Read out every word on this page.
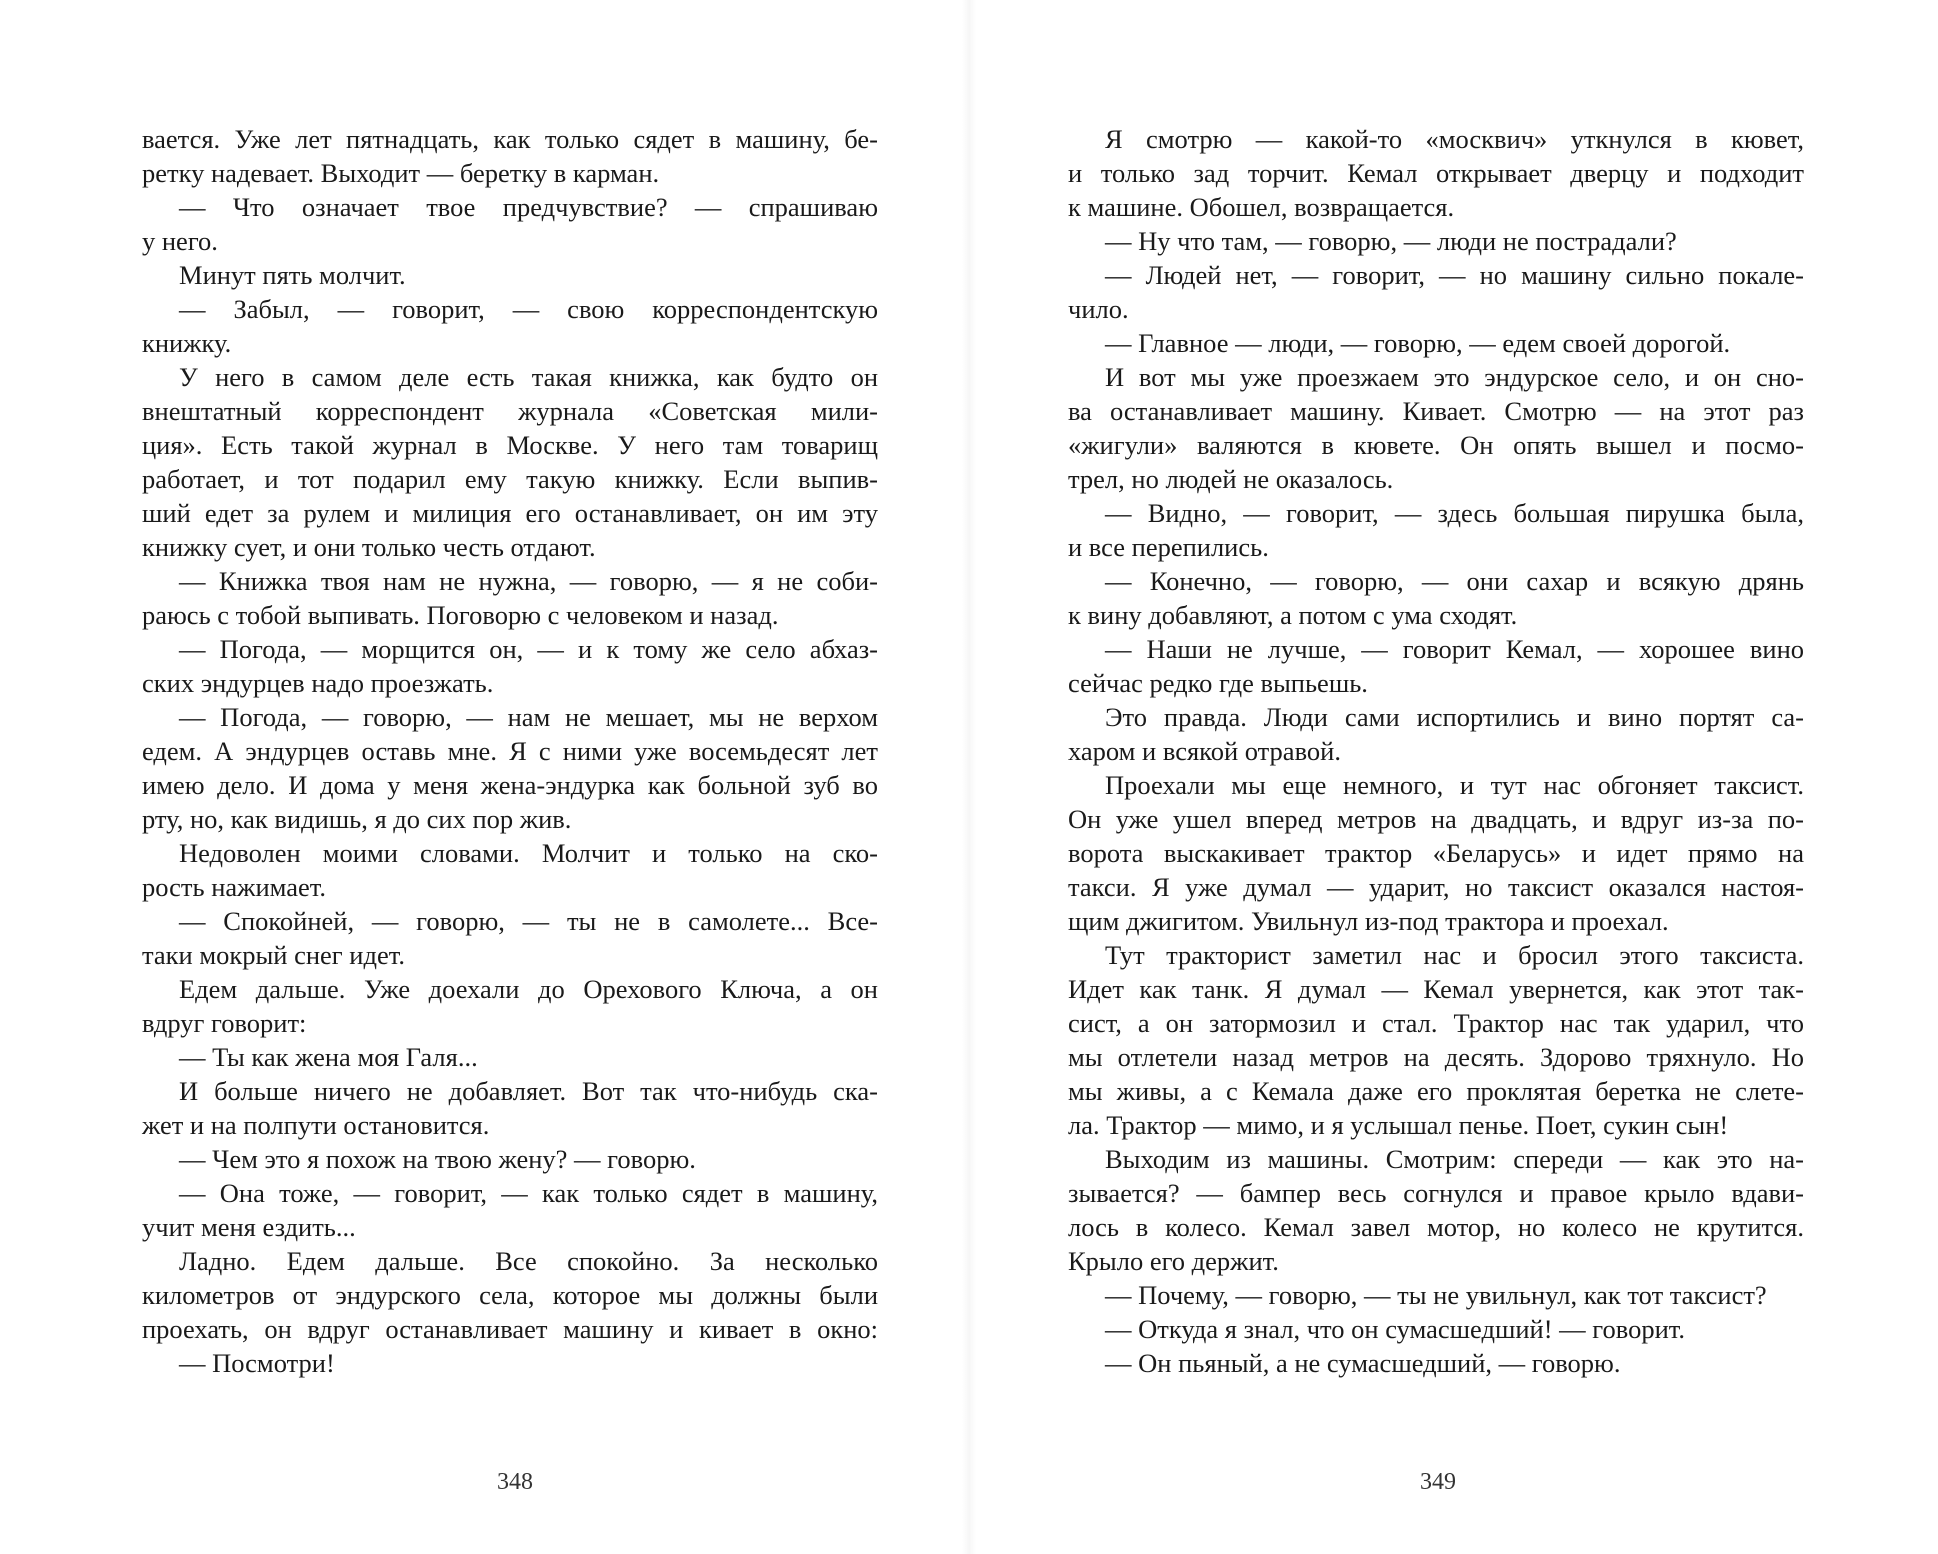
вается. Уже лет пятнадцать, как только сядет в машину, бе-
ретку надевает. Выходит — беретку в карман.
— Что означает твое предчувствие? — спрашиваю
у него.
Минут пять молчит.
— Забыл, — говорит, — свою корреспондентскую
книжку.
У него в самом деле есть такая книжка, как будто он
внештатный корреспондент журнала «Советская мили-
ция». Есть такой журнал в Москве. У него там товарищ
работает, и тот подарил ему такую книжку. Если выпив-
ший едет за рулем и милиция его останавливает, он им эту
книжку сует, и они только честь отдают.
— Книжка твоя нам не нужна, — говорю, — я не соби-
раюсь с тобой выпивать. Поговорю с человеком и назад.
— Погода, — морщится он, — и к тому же село абхаз-
ских эндурцев надо проезжать.
— Погода, — говорю, — нам не мешает, мы не верхом
едем. А эндурцев оставь мне. Я с ними уже восемьдесят лет
имею дело. И дома у меня жена-эндурка как больной зуб во
рту, но, как видишь, я до сих пор жив.
Недоволен моими словами. Молчит и только на ско-
рость нажимает.
— Спокойней, — говорю, — ты не в самолете... Все-
таки мокрый снег идет.
Едем дальше. Уже доехали до Орехового Ключа, а он
вдруг говорит:
— Ты как жена моя Галя...
И больше ничего не добавляет. Вот так что-нибудь ска-
жет и на полпути остановится.
— Чем это я похож на твою жену? — говорю.
— Она тоже, — говорит, — как только сядет в машину,
учит меня ездить...
Ладно. Едем дальше. Все спокойно. За несколько
километров от эндурского села, которое мы должны были
проехать, он вдруг останавливает машину и кивает в окно:
— Посмотри!
Я смотрю — какой-то «москвич» уткнулся в кювет,
и только зад торчит. Кемал открывает дверцу и подходит
к машине. Обошел, возвращается.
— Ну что там, — говорю, — люди не пострадали?
— Людей нет, — говорит, — но машину сильно покале-
чило.
— Главное — люди, — говорю, — едем своей дорогой.
И вот мы уже проезжаем это эндурское село, и он сно-
ва останавливает машину. Кивает. Смотрю — на этот раз
«жигули» валяются в кювете. Он опять вышел и посмо-
трел, но людей не оказалось.
— Видно, — говорит, — здесь большая пирушка была,
и все перепились.
— Конечно, — говорю, — они сахар и всякую дрянь
к вину добавляют, а потом с ума сходят.
— Наши не лучше, — говорит Кемал, — хорошее вино
сейчас редко где выпьешь.
Это правда. Люди сами испортились и вино портят са-
харом и всякой отравой.
Проехали мы еще немного, и тут нас обгоняет таксист.
Он уже ушел вперед метров на двадцать, и вдруг из-за по-
ворота выскакивает трактор «Беларусь» и идет прямо на
такси. Я уже думал — ударит, но таксист оказался настоя-
щим джигитом. Увильнул из-под трактора и проехал.
Тут тракторист заметил нас и бросил этого таксиста.
Идет как танк. Я думал — Кемал увернется, как этот так-
сист, а он затормозил и стал. Трактор нас так ударил, что
мы отлетели назад метров на десять. Здорово тряхнуло. Но
мы живы, а с Кемала даже его проклятая беретка не слете-
ла. Трактор — мимо, и я услышал пенье. Поет, сукин сын!
Выходим из машины. Смотрим: спереди — как это на-
зывается? — бампер весь согнулся и правое крыло вдави-
лось в колесо. Кемал завел мотор, но колесо не крутится.
Крыло его держит.
— Почему, — говорю, — ты не увильнул, как тот таксист?
— Откуда я знал, что он сумасшедший! — говорит.
— Он пьяный, а не сумасшедший, — говорю.
348	349
